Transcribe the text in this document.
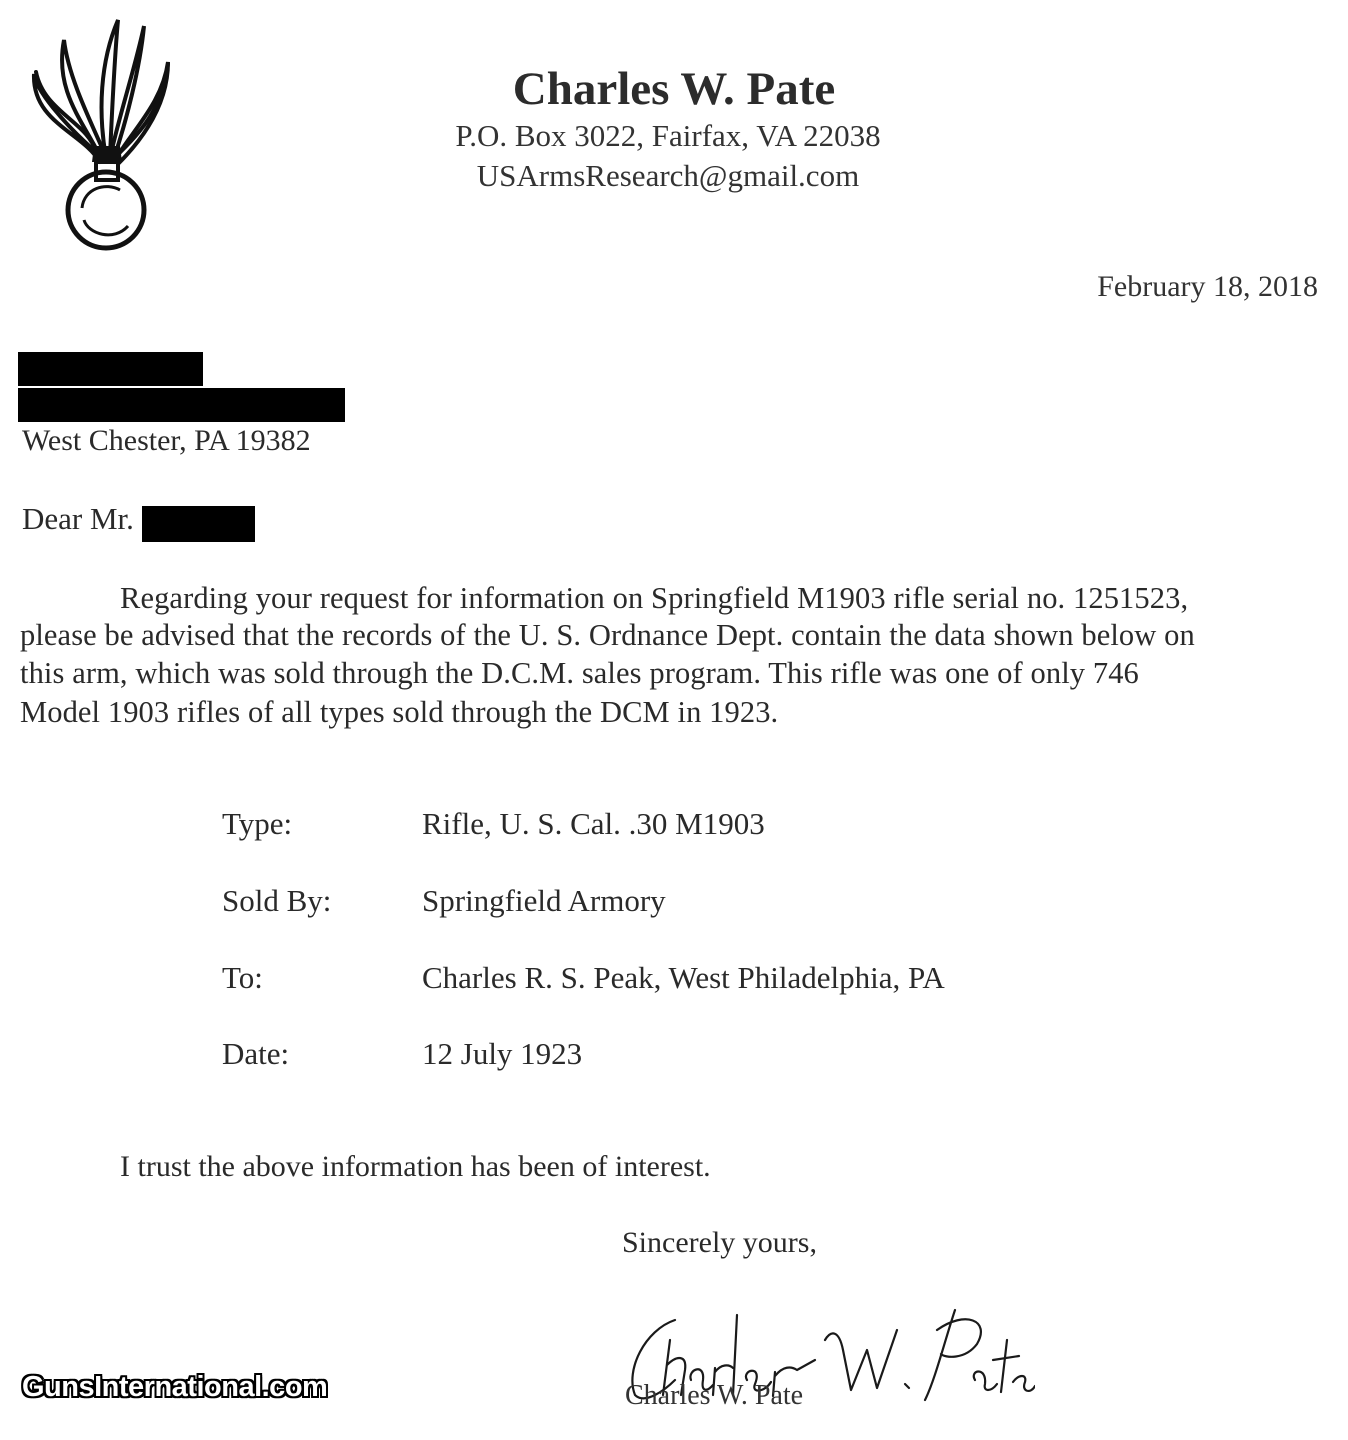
Charles W. Pate
P.O. Box 3022, Fairfax, VA 22038
USArmsResearch@gmail.com
February 18, 2018
West Chester, PA 19382
Dear Mr.
Regarding your request for information on Springfield M1903 rifle serial no. 1251523,
please be advised that the records of the U. S. Ordnance Dept. contain the data shown below on
this arm, which was sold through the D.C.M. sales program. This rifle was one of only 746
Model 1903 rifles of all types sold through the DCM in 1923.
Type:	Rifle, U. S. Cal. .30 M1903
Sold By:	Springfield Armory
To:	Charles R. S. Peak, West Philadelphia, PA
Date:	12 July 1923
I trust the above information has been of interest.
Sincerely yours,
Charles W. Pate
GunsInternational.com
